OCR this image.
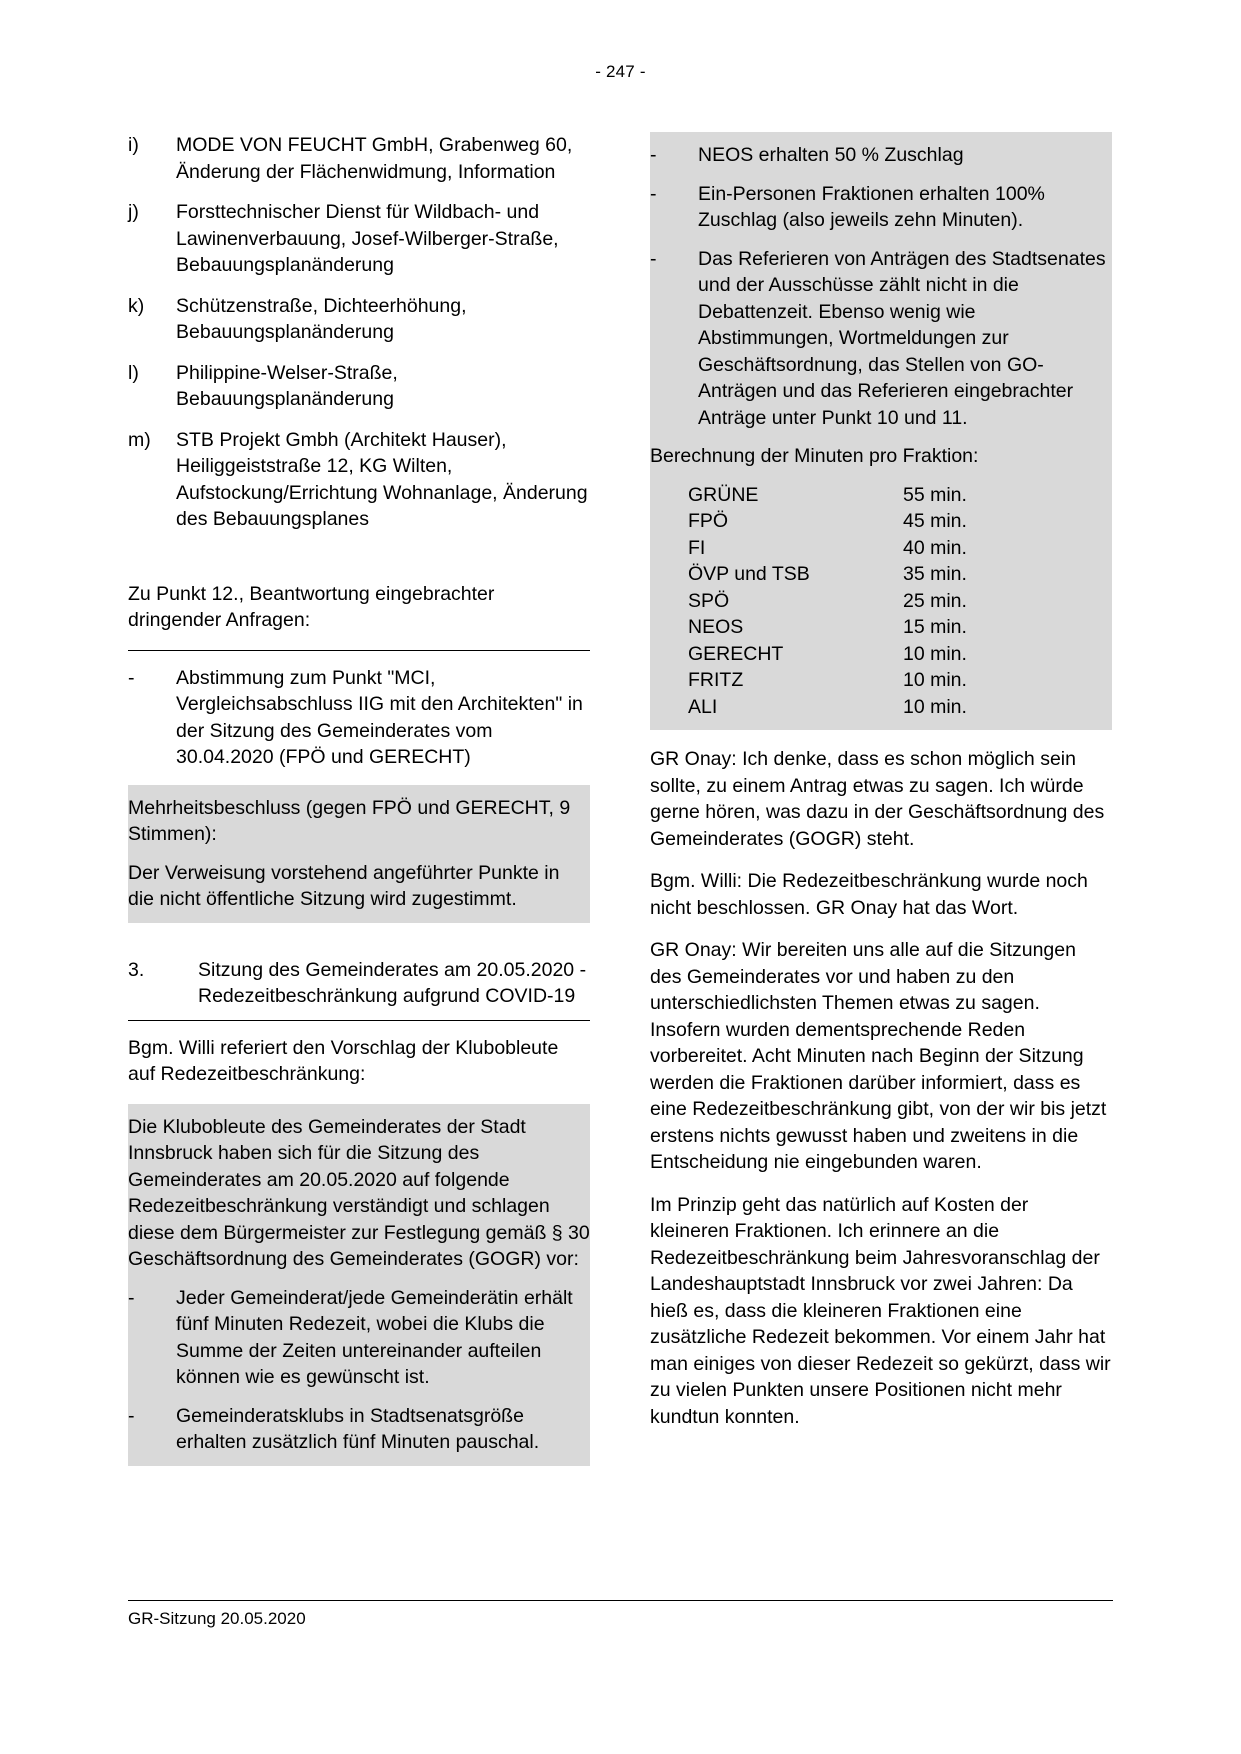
- 247 -
i)	MODE VON FEUCHT GmbH, Grabenweg 60, Änderung der Flächenwidmung, Information
j)	Forsttechnischer Dienst für Wildbach- und Lawinenverbauung, Josef-Wilberger-Straße, Bebauungsplanänderung
k)	Schützenstraße, Dichteerhöhung, Bebauungsplanänderung
l)	Philippine-Welser-Straße, Bebauungsplanänderung
m)	STB Projekt Gmbh (Architekt Hauser), Heiliggeiststraße 12, KG Wilten, Aufstockung/Errichtung Wohnanlage, Änderung des Bebauungsplanes
Zu Punkt 12., Beantwortung eingebrachter dringender Anfragen:
-	Abstimmung zum Punkt "MCI, Vergleichsabschluss IIG mit den Architekten" in der Sitzung des Gemeinderates vom 30.04.2020 (FPÖ und GERECHT)
Mehrheitsbeschluss (gegen FPÖ und GERECHT, 9 Stimmen):
Der Verweisung vorstehend angeführter Punkte in die nicht öffentliche Sitzung wird zugestimmt.
3.	Sitzung des Gemeinderates am 20.05.2020 - Redezeitbeschränkung aufgrund COVID-19
Bgm. Willi referiert den Vorschlag der Klubobleute auf Redezeitbeschränkung:
Die Klubobleute des Gemeinderates der Stadt Innsbruck haben sich für die Sitzung des Gemeinderates am 20.05.2020 auf folgende Redezeitbeschränkung verständigt und schlagen diese dem Bürgermeister zur Festlegung gemäß § 30 Geschäftsordnung des Gemeinderates (GOGR) vor:
-	Jeder Gemeinderat/jede Gemeinderätin erhält fünf Minuten Redezeit, wobei die Klubs die Summe der Zeiten untereinander aufteilen können wie es gewünscht ist.
-	Gemeinderatsklubs in Stadtsenatsgröße erhalten zusätzlich fünf Minuten pauschal.
-	NEOS erhalten 50 % Zuschlag
-	Ein-Personen Fraktionen erhalten 100% Zuschlag (also jeweils zehn Minuten).
-	Das Referieren von Anträgen des Stadtsenates und der Ausschüsse zählt nicht in die Debattenzeit. Ebenso wenig wie Abstimmungen, Wortmeldungen zur Geschäftsordnung, das Stellen von GO-Anträgen und das Referieren eingebrachter Anträge unter Punkt 10 und 11.
Berechnung der Minuten pro Fraktion:
GRÜNE	55 min.
FPÖ	45 min.
FI	40 min.
ÖVP und TSB	35 min.
SPÖ	25 min.
NEOS	15 min.
GERECHT	10 min.
FRITZ	10 min.
ALI	10 min.
GR Onay: Ich denke, dass es schon möglich sein sollte, zu einem Antrag etwas zu sagen. Ich würde gerne hören, was dazu in der Geschäftsordnung des Gemeinderates (GOGR) steht.
Bgm. Willi: Die Redezeitbeschränkung wurde noch nicht beschlossen. GR Onay hat das Wort.
GR Onay: Wir bereiten uns alle auf die Sitzungen des Gemeinderates vor und haben zu den unterschiedlichsten Themen etwas zu sagen. Insofern wurden dementsprechende Reden vorbereitet. Acht Minuten nach Beginn der Sitzung werden die Fraktionen darüber informiert, dass es eine Redezeitbeschränkung gibt, von der wir bis jetzt erstens nichts gewusst haben und zweitens in die Entscheidung nie eingebunden waren.
Im Prinzip geht das natürlich auf Kosten der kleineren Fraktionen. Ich erinnere an die Redezeitbeschränkung beim Jahresvoranschlag der Landeshauptstadt Innsbruck vor zwei Jahren: Da hieß es, dass die kleineren Fraktionen eine zusätzliche Redezeit bekommen. Vor einem Jahr hat man einiges von dieser Redezeit so gekürzt, dass wir zu vielen Punkten unsere Positionen nicht mehr kundtun konnten.
GR-Sitzung 20.05.2020
